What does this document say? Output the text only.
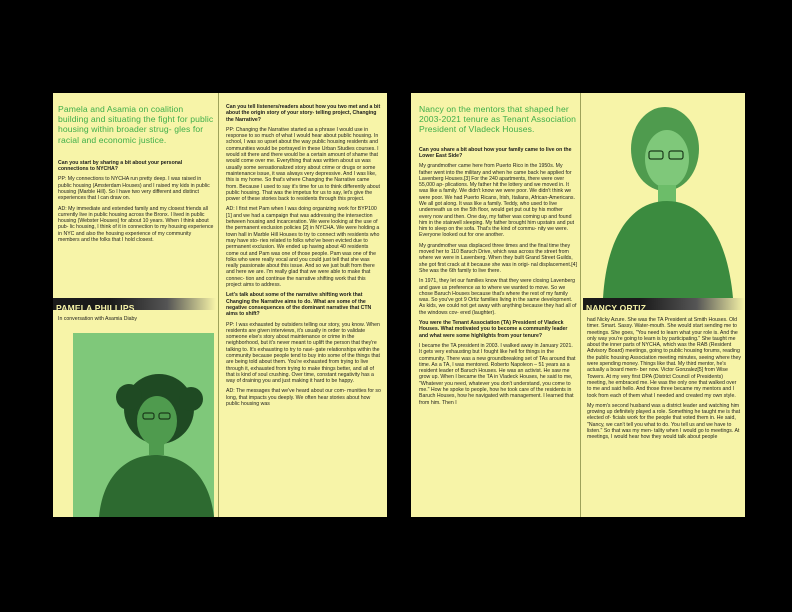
Pamela and Asamia on coalition building and situating the fight for public housing within broader strug- gles for racial and economic justice.

Can you start by sharing a bit about your personal connections to NYCHA?

PP: My connections to NYCHA run pretty deep. I was raised in public housing (Amsterdam Houses) and I raised my kids in public housing (Marble Hill). So I have two very different and distinct experiences that I can draw on.

AD: My immediate and extended family and my closest friends all currently live in public housing across the Bronx. I lived in public housing (Webster Houses) for about 10 years. When I think about pub- lic housing, I think of it in connection to my housing experience in NYC and also the housing experience of my community members and the folks that I hold closest.

PAMELA PHILLIPS
In conversation with Asamia Diaby

Can you tell listeners/readers about how you two met and a bit about the origin story of your story- telling project, Changing the Narrative?

PP: Changing the Narrative started as a phrase I would use in response to so much of what I would hear about public housing. In school, I was so upset about the way public housing residents and communities would be portrayed in these Urban Studies courses. I would sit there and there would be a certain amount of shame that would come over me. Everything that was written about us was usually some sensationalized story about crime or drugs or some maintenance issue, it was always very depressive. And I was like, this is my home. So that's where Changing the Narrative came from. Because I used to say it's time for us to think differently about public housing. That was the impetus for us to say, let's give the power of these stories back to residents through this project.

AD: I first met Pam when I was doing organizing work for BYP100 [1] and we had a campaign that was addressing the intersection between housing and incarceration. We were looking at the use of the permanent exclusion policies [2] in NYCHA. We were holding a town hall in Marble Hill Houses to try to connect with residents who may have sto- ries related to folks who've been evicted due to permanent exclusion. We ended up having about 40 residents come out and Pam was one of those people. Pam was one of the folks who were really vocal and you could just tell that she was really passionate about this issue. And so we just built from there and here we are. I'm really glad that we were able to make that connec- tion and continue the narrative shifting work that this project aims to address.

Let's talk about some of the narrative shifting work that Changing the Narrative aims to do. What are some of the negative consequences of the dominant narrative that CTN aims to shift?

PP: I was exhausted by outsiders telling our story, you know. When residents are given interviews, it's usually in order to validate someone else's story about maintenance or crime in the neighborhood, but it's never meant to uplift the person that they're talking to. It's exhausting to try to navi- gate relationships within the community because people tend to buy into some of the things that are being told about them. You're exhausted from trying to live through it, exhausted from trying to make things better, and all of that is kind of soul crushing. Over time, constant negativity has a way of draining you and just making it hard to be happy.

AD: The messages that we've heard about our com- munities for so long, that impacts you deeply. We often hear stories about how public housing was

Nancy on the mentors that shaped her 2003-2021 tenure as Tenant Association President of Vladeck Houses.

Can you share a bit about how your family came to live on the Lower East Side?

My grandmother came here from Puerto Rico in the 1950s. My father went into the military and when he came back he applied for Lavenberg Houses.[3] For the 240 apartments, there were over 55,000 ap- plications. My father hit the lottery and we moved in. It was like a family. We didn't know we were poor. We didn't think we were poor. We had Puerto Ricans, Irish, Italians, African-Americans. We all got along. It was like a family. Teddy, who used to live underneath us on the 5th floor, would get put out by his mother every now and then. One day, my father was coming up and found him in the stairwell sleeping. My father brought him upstairs and put him to sleep on the sofa. That's the kind of commu- nity we were. Everyone looked out for one another.

My grandmother was displaced three times and the final time they moved her to 110 Baruch Drive, which was across the street from where we were in Lavenberg. When they built Grand Street Guilds, she got first crack at it because she was in origi- nal displacement.[4] She was the 6th family to live there.

In 1971, they let our families know that they were closing Lavenberg and gave us preference as to where we wanted to move. So we chose Baruch Houses because that's where the rest of my family was. So you've got 9 Ortiz families living in the same development. As kids, we could not get away with anything because they had all of the windows cov- ered (laughter).

You were the Tenant Association (TA) President of Vladeck Houses. What motivated you to become a community leader and what were some highlights from your tenure?

I became the TA president in 2003. I walked away in January 2021. It gets very exhausting but I fought like hell for things in the community. There was a new groundbreaking set of TAs around that time. As a TA, I was mentored. Roberto Napoleon – 51 years as a resident leader of Baruch Houses. He was an activist. He saw me grow up. When I became the TA in Vladeck Houses, he said to me, "Whatever you need, whatever you don't understand, you come to me." How he spoke to people, how he took care of the residents in Baruch Houses, how he navigated with management. I learned that from him. Then I

NANCY ORTIZ

had Nicky Azure. She was the TA President at Smith Houses. Old timer. Smart. Sassy. Water-mouth. She would start sending me to meetings. She goes, "You need to learn what your role is. And the only way you're going to learn is by participating." She taught me about the inner parts of NYCHA, which was the RAB (Resident Advisory Board) meetings, going to public housing forums, reading the public housing Association meeting minutes, seeing where they were spending money. Things like that. My third mentor, he's actually a board mem- ber now. Victor Gonzalez[5] from Wise Towers. At my very first DPA (District Council of Presidents) meeting, he embraced me. He was the only one that walked over to me and said hello. And those three became my mentors and I took from each of them what I needed and created my own style.

My mom's second husband was a district leader and watching him growing up definitely played a role. Something he taught me is that elected of- ficials work for the people that voted them in. He said, "Nancy, we can't tell you what to do. You tell us and we have to listen." So that was my men- tality when I would go to meetings. At meetings, I would hear how they would talk about people
